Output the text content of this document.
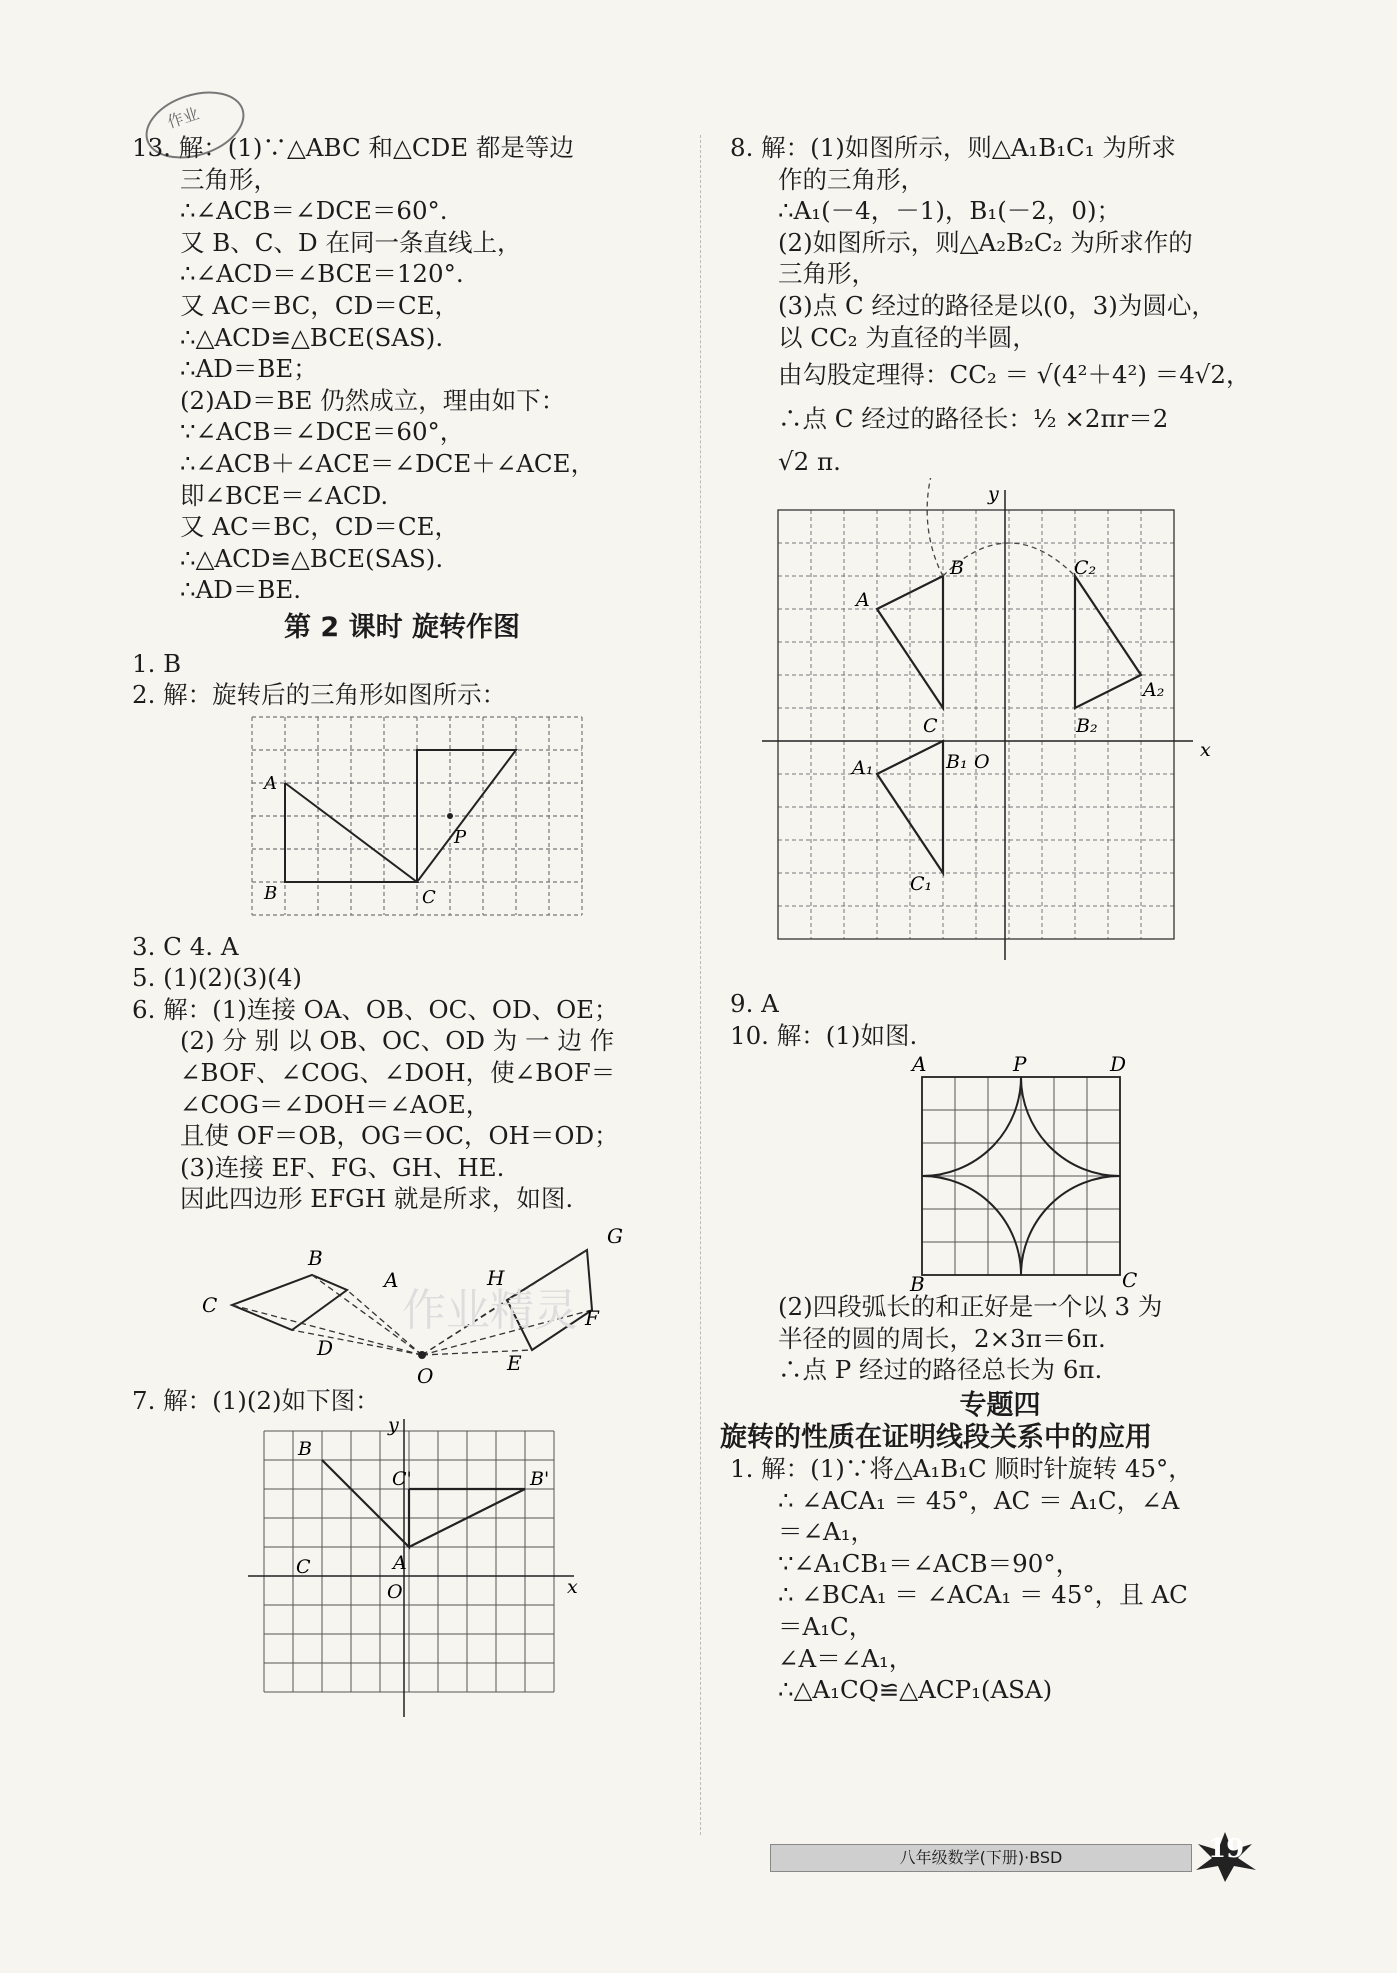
作业
13. 解：(1)∵△ABC 和△CDE 都是等边
三角形，
∴∠ACB＝∠DCE＝60°.
又 B、C、D 在同一条直线上，
∴∠ACD＝∠BCE＝120°.
又 AC＝BC，CD＝CE，
∴△ACD≌△BCE(SAS).
∴AD＝BE；
(2)AD＝BE 仍然成立，理由如下：
∵∠ACB＝∠DCE＝60°，
∴∠ACB＋∠ACE＝∠DCE＋∠ACE，
即∠BCE＝∠ACD.
又 AC＝BC，CD＝CE，
∴△ACD≌△BCE(SAS).
∴AD＝BE.
第 2 课时 旋转作图
1. B
2. 解：旋转后的三角形如图所示：
A
B	C
P
3. C 4. A
5. (1)(2)(3)(4)
6. 解：(1)连接 OA、OB、OC、OD、OE；
(2) 分 别 以 OB、OC、OD 为 一 边 作
∠BOF、∠COG、∠DOH，使∠BOF＝
∠COG＝∠DOH＝∠AOE，
且使 OF＝OB，OG＝OC，OH＝OD；
(3)连接 EF、FG、GH、HE.
因此四边形 EFGH 就是所求，如图.
B
C
A
D
O
H
G
F
E
作业精灵
7. 解：(1)(2)如下图：
y
B
C'	B'
C	A
O	x
8. 解：(1)如图所示，则△A₁B₁C₁ 为所求
作的三角形，
∴A₁(－4，－1)，B₁(－2，0)；
(2)如图所示，则△A₂B₂C₂ 为所求作的
三角形，
(3)点 C 经过的路径是以(0，3)为圆心，
以 CC₂ 为直径的半圆，
由勾股定理得：CC₂ ＝ √(4²＋4²) ＝4√2，
∴点 C 经过的路径长：½ ×2πr＝2
√2 π.
y
B	C₂
A
C	B₂
A₂
A₁	B₁ O
x
C₁
9. A
10. 解：(1)如图.
A	P	D
B	C
(2)四段弧长的和正好是一个以 3 为
半径的圆的周长，2×3π＝6π.
∴点 P 经过的路径总长为 6π.
专题四
旋转的性质在证明线段关系中的应用
1. 解：(1)∵将△A₁B₁C 顺时针旋转 45°，
∴ ∠ACA₁ ＝ 45°，AC ＝ A₁C，∠A
＝∠A₁，
∵∠A₁CB₁＝∠ACB＝90°，
∴ ∠BCA₁ ＝ ∠ACA₁ ＝ 45°，且 AC
＝A₁C，
∠A＝∠A₁，
∴△A₁CQ≌△ACP₁(ASA)
八年级数学(下册)·BSD	19
